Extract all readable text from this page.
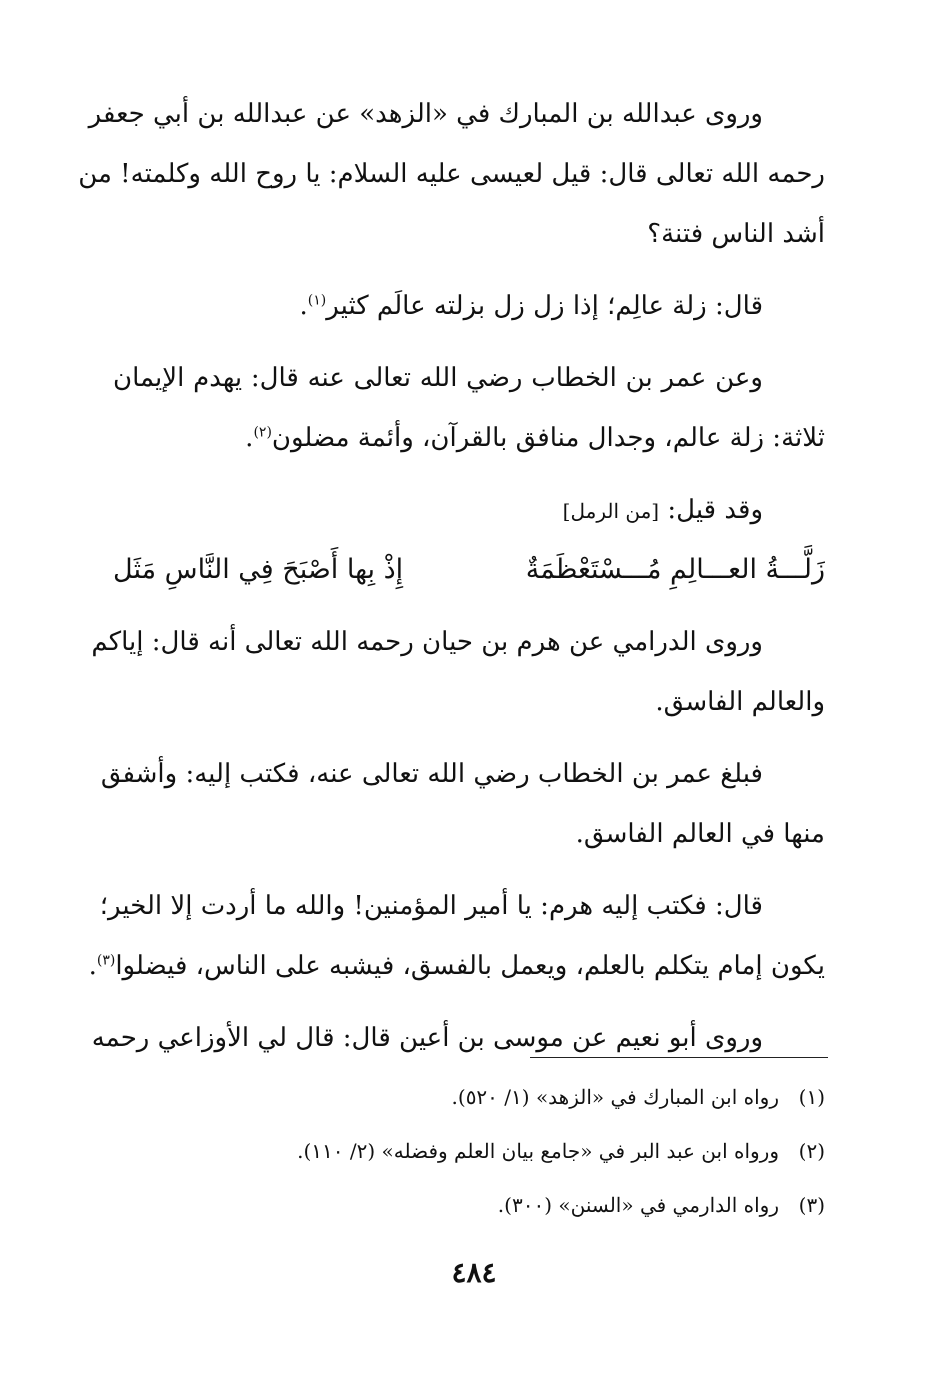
وروى عبدالله بن المبارك في «الزهد» عن عبدالله بن أبي جعفر
رحمه الله تعالى قال: قيل لعيسى عليه السلام: يا روح الله وكلمته! من
أشد الناس فتنة؟
قال: زلة عالِم؛ إذا زل زل بزلته عالَم كثير$^{(١)}$.
وعن عمر بن الخطاب رضي الله تعالى عنه قال: يهدم الإيمان
ثلاثة: زلة عالم، وجدال منافق بالقرآن، وأئمة مضلون$^{(٢)}$.
وقد قيل: [من الرمل]
زَلَّـــةُ العـــالِمِ مُـــسْتَعْظَمَةٌ
إِذْ بِها أَصْبَحَ فِي النَّاسِ مَثَل
وروى الدرامي عن هرم بن حيان رحمه الله تعالى أنه قال: إياكم
والعالم الفاسق.
فبلغ عمر بن الخطاب رضي الله تعالى عنه، فكتب إليه: وأشفق
منها في العالم الفاسق.
قال: فكتب إليه هرم: يا أمير المؤمنين! والله ما أردت إلا الخير؛
يكون إمام يتكلم بالعلم، ويعمل بالفسق، فيشبه على الناس، فيضلوا$^{(٣)}$.
وروى أبو نعيم عن موسى بن أعين قال: قال لي الأوزاعي رحمه
(١)رواه ابن المبارك في «الزهد» (١/ ٥٢٠).
(٢)ورواه ابن عبد البر في «جامع بيان العلم وفضله» (٢/ ١١٠).
(٣)رواه الدارمي في «السنن» (٣٠٠).
٤٨٤
